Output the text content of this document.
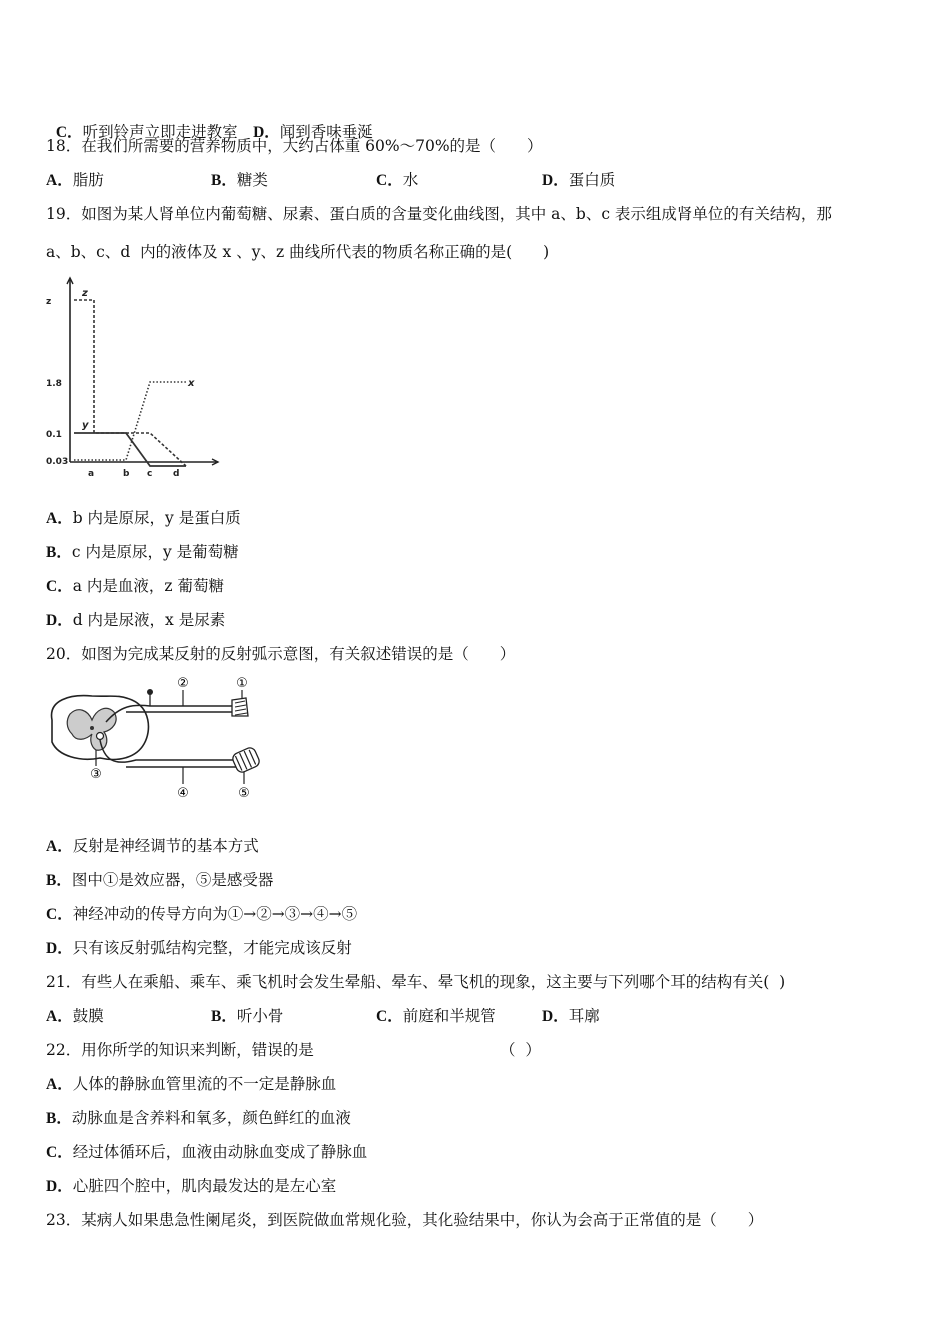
C．听到铃声立即走进教室　 D．闻到香味垂涎

18．在我们所需要的营养物质中，大约占体重 60%～70%的是（　　）
A．脂肪	B．糖类	C．水	D．蛋白质
19．如图为某人肾单位内葡萄糖、尿素、蛋白质的含量变化曲线图，其中 a、b、c 表示组成肾单位的有关结构，那
a、b、c、d  内的液体及 x 、y、z 曲线所代表的物质名称正确的是(　　)
z
1.8
0.1
0.03
a	b c d
z
x
y
A．b 内是原尿，y 是蛋白质
B．c 内是原尿，y 是葡萄糖
C．a 内是血液，z 葡萄糖
D．d 内是尿液，x 是尿素
20．如图为完成某反射的反射弧示意图，有关叙述错误的是（　　）
②	①
③
④	⑤
A．反射是神经调节的基本方式
B．图中①是效应器，⑤是感受器
C．神经冲动的传导方向为①→②→③→④→⑤
D．只有该反射弧结构完整，才能完成该反射
21．有些人在乘船、乘车、乘飞机时会发生晕船、晕车、晕飞机的现象，这主要与下列哪个耳的结构有关(  )
A．鼓膜	B．听小骨	C．前庭和半规管	D．耳廓
22．用你所学的知识来判断，错误的是	（  ）
A．人体的静脉血管里流的不一定是静脉血
B．动脉血是含养料和氧多，颜色鲜红的血液
C．经过体循环后，血液由动脉血变成了静脉血
D．心脏四个腔中，肌肉最发达的是左心室
23．某病人如果患急性阑尾炎，到医院做血常规化验，其化验结果中，你认为会高于正常值的是（　　）
